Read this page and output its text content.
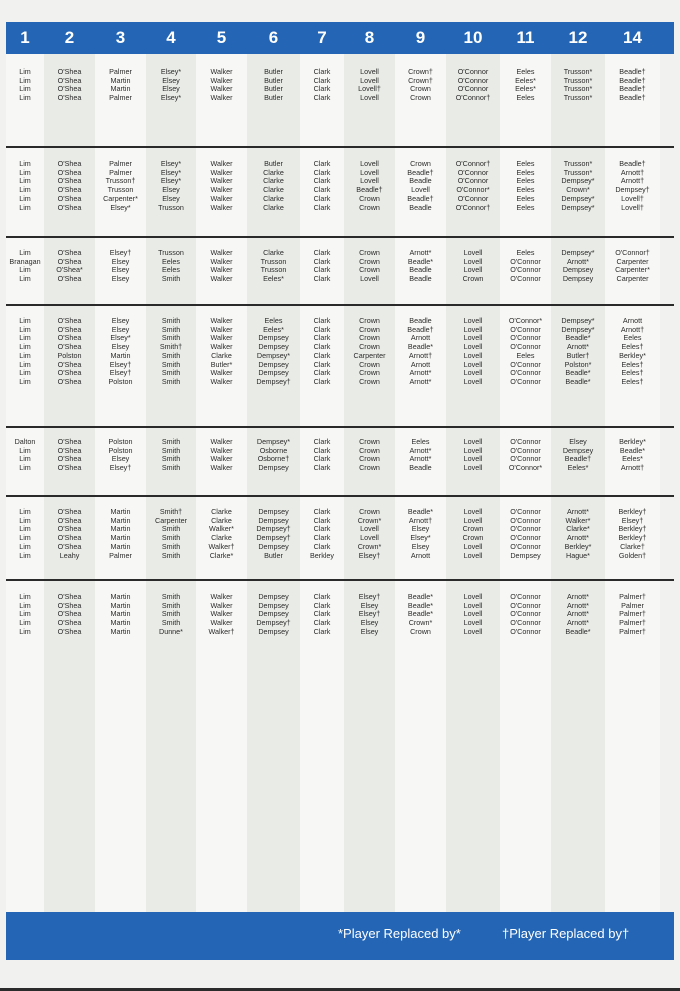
1	2	3	4	5	6	7	8	9	10	11	12	14
Lim	O'Shea	Palmer	Elsey*	Walker	Butler	Clark	Lovell	Crown†	O'Connor	Eeles	Trusson*	Beadle†
Lim	O'Shea	Martin	Elsey	Walker	Butler	Clark	Lovell	Crown†	O'Connor	Eeles*	Trusson*	Beadle†
Lim	O'Shea	Martin	Elsey	Walker	Butler	Clark	Lovell†	Crown	O'Connor	Eeles*	Trusson*	Beadle†
Lim	O'Shea	Palmer	Elsey*	Walker	Butler	Clark	Lovell	Crown	O'Connor†	Eeles	Trusson*	Beadle†
Lim	O'Shea	Palmer	Elsey*	Walker	Butler	Clark	Lovell	Crown	O'Connor†	Eeles	Trusson*	Beadle†
Lim	O'Shea	Palmer	Elsey*	Walker	Clarke	Clark	Lovell	Beadle†	O'Connor	Eeles	Trusson*	Arnott†
Lim	O'Shea	Trusson†	Elsey*	Walker	Clarke	Clark	Lovell	Beadle	O'Connor	Eeles	Dempsey*	Arnott†
Lim	O'Shea	Trusson	Elsey	Walker	Clarke	Clark	Beadle†	Lovell	O'Connor*	Eeles	Crown*	Dempsey†
Lim	O'Shea	Carpenter*	Elsey	Walker	Clarke	Clark	Crown	Beadle†	O'Connor	Eeles	Dempsey*	Lovell†
Lim	O'Shea	Elsey*	Trusson	Walker	Clarke	Clark	Crown	Beadle	O'Connor†	Eeles	Dempsey*	Lovell†
Lim	O'Shea	Elsey†	Trusson	Walker	Clarke	Clark	Crown	Arnott*	Lovell	Eeles	Dempsey*	O'Connor†
Branagan	O'Shea	Elsey	Eeles	Walker	Trusson	Clark	Crown	Beadle*	Lovell	O'Connor	Arnott*	Carpenter
Lim	O'Shea*	Elsey	Eeles	Walker	Trusson	Clark	Crown	Beadle	Lovell	O'Connor	Dempsey	Carpenter*
Lim	O'Shea	Elsey	Smith	Walker	Eeles*	Clark	Lovell	Beadle	Crown	O'Connor	Dempsey	Carpenter
Lim	O'Shea	Elsey	Smith	Walker	Eeles	Clark	Crown	Beadle	Lovell	O'Connor*	Dempsey*	Arnott
Lim	O'Shea	Elsey	Smith	Walker	Eeles*	Clark	Crown	Beadle†	Lovell	O'Connor	Dempsey*	Arnott†
Lim	O'Shea	Elsey*	Smith	Walker	Dempsey	Clark	Crown	Arnott	Lovell	O'Connor	Beadle*	Eeles
Lim	O'Shea	Elsey	Smith†	Walker	Dempsey	Clark	Crown	Beadle*	Lovell	O'Connor	Arnott*	Eeles†
Lim	Polston	Martin	Smith	Clarke	Dempsey*	Clark	Carpenter	Arnott†	Lovell	Eeles	Butler†	Berkley*
Lim	O'Shea	Elsey†	Smith	Butler*	Dempsey	Clark	Crown	Arnott	Lovell	O'Connor	Polston*	Eeles†
Lim	O'Shea	Elsey†	Smith	Walker	Dempsey	Clark	Crown	Arnott*	Lovell	O'Connor	Beadle*	Eeles†
Lim	O'Shea	Polston	Smith	Walker	Dempsey†	Clark	Crown	Arnott*	Lovell	O'Connor	Beadle*	Eeles†
Dalton	O'Shea	Polston	Smith	Walker	Dempsey*	Clark	Crown	Eeles	Lovell	O'Connor	Elsey	Berkley*
Lim	O'Shea	Polston	Smith	Walker	Osborne	Clark	Crown	Arnott*	Lovell	O'Connor	Dempsey	Beadle*
Lim	O'Shea	Elsey	Smith	Walker	Osborne†	Clark	Crown	Arnott*	Lovell	O'Connor	Beadle†	Eeles*
Lim	O'Shea	Elsey†	Smith	Walker	Dempsey	Clark	Crown	Beadle	Lovell	O'Connor*	Eeles*	Arnott†
Lim	O'Shea	Martin	Smith†	Clarke	Dempsey	Clark	Crown	Beadle*	Lovell	O'Connor	Arnott*	Berkley†
Lim	O'Shea	Martin	Carpenter	Clarke	Dempsey	Clark	Crown*	Arnott†	Lovell	O'Connor	Walker*	Elsey†
Lim	O'Shea	Martin	Smith	Walker*	Dempsey†	Clark	Lovell	Elsey	Crown	O'Connor	Clarke*	Berkley†
Lim	O'Shea	Martin	Smith	Clarke	Dempsey†	Clark	Lovell	Elsey*	Crown	O'Connor	Arnott*	Berkley†
Lim	O'Shea	Martin	Smith	Walker†	Dempsey	Clark	Crown*	Elsey	Lovell	O'Connor	Berkley*	Clarke†
Lim	Leahy	Palmer	Smith	Clarke*	Butler	Berkley	Elsey†	Arnott	Lovell	Dempsey	Hague*	Golden†
Lim	O'Shea	Martin	Smith	Walker	Dempsey	Clark	Elsey†	Beadle*	Lovell	O'Connor	Arnott*	Palmer†
Lim	O'Shea	Martin	Smith	Walker	Dempsey	Clark	Elsey	Beadle*	Lovell	O'Connor	Arnott*	Palmer
Lim	O'Shea	Martin	Smith	Walker	Dempsey	Clark	Elsey†	Beadle*	Lovell	O'Connor	Arnott*	Palmer†
Lim	O'Shea	Martin	Smith	Walker	Dempsey†	Clark	Elsey	Crown*	Lovell	O'Connor	Arnott*	Palmer†
Lim	O'Shea	Martin	Dunne*	Walker†	Dempsey	Clark	Elsey	Crown	Lovell	O'Connor	Beadle*	Palmer†
*Player Replaced by*	†Player Replaced by†
